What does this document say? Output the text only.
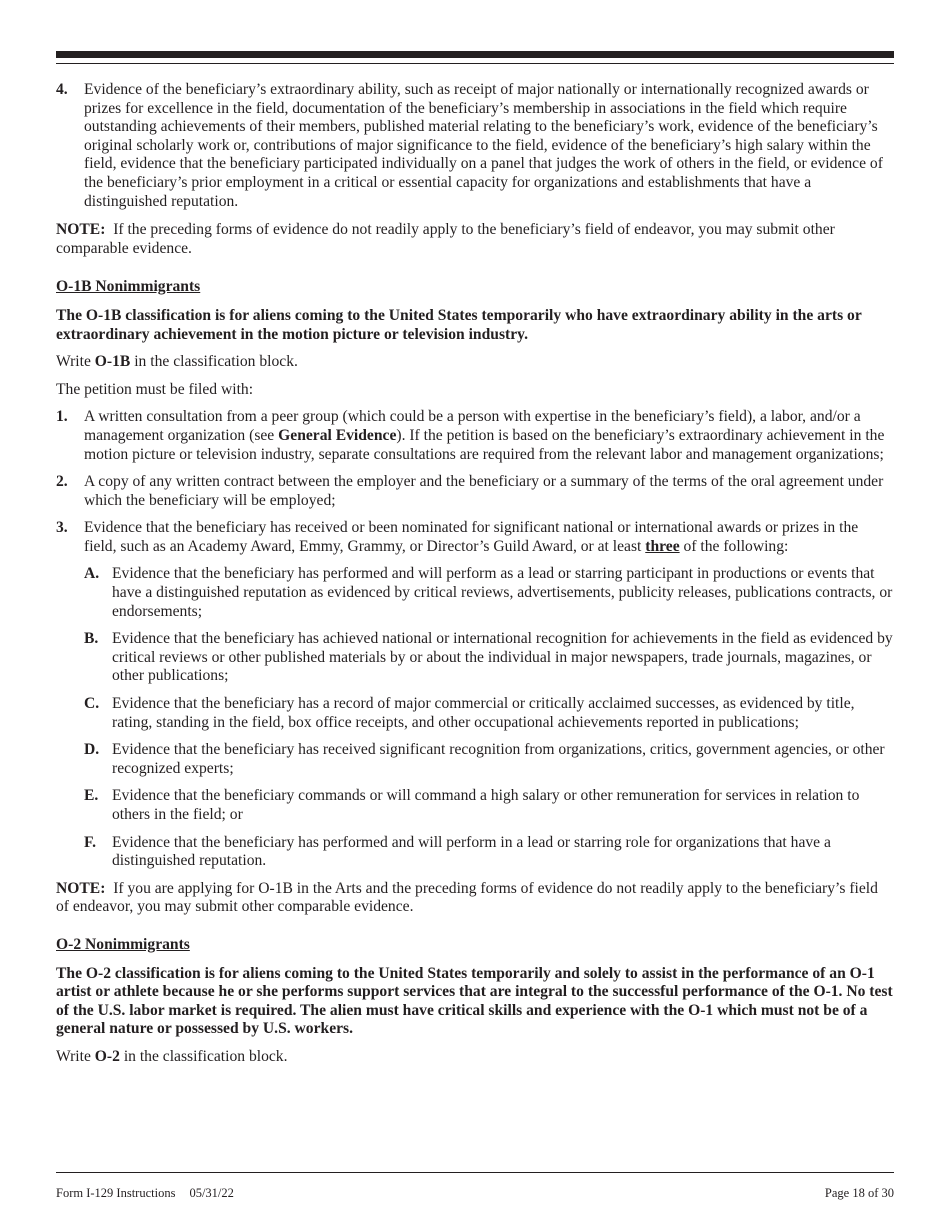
4. Evidence of the beneficiary’s extraordinary ability, such as receipt of major nationally or internationally recognized awards or prizes for excellence in the field, documentation of the beneficiary’s membership in associations in the field which require outstanding achievements of their members, published material relating to the beneficiary’s work, evidence of the beneficiary’s original scholarly work or, contributions of major significance to the field, evidence of the beneficiary’s high salary within the field, evidence that the beneficiary participated individually on a panel that judges the work of others in the field, or evidence of the beneficiary’s prior employment in a critical or essential capacity for organizations and establishments that have a distinguished reputation.

NOTE: If the preceding forms of evidence do not readily apply to the beneficiary’s field of endeavor, you may submit other comparable evidence.

O-1B Nonimmigrants

The O-1B classification is for aliens coming to the United States temporarily who have extraordinary ability in the arts or extraordinary achievement in the motion picture or television industry.

Write O-1B in the classification block.

The petition must be filed with:

1. A written consultation from a peer group (which could be a person with expertise in the beneficiary’s field), a labor, and/or a management organization (see General Evidence). If the petition is based on the beneficiary’s extraordinary achievement in the motion picture or television industry, separate consultations are required from the relevant labor and management organizations;

2. A copy of any written contract between the employer and the beneficiary or a summary of the terms of the oral agreement under which the beneficiary will be employed;

3. Evidence that the beneficiary has received or been nominated for significant national or international awards or prizes in the field, such as an Academy Award, Emmy, Grammy, or Director’s Guild Award, or at least three of the following:

A. Evidence that the beneficiary has performed and will perform as a lead or starring participant in productions or events that have a distinguished reputation as evidenced by critical reviews, advertisements, publicity releases, publications contracts, or endorsements;

B. Evidence that the beneficiary has achieved national or international recognition for achievements in the field as evidenced by critical reviews or other published materials by or about the individual in major newspapers, trade journals, magazines, or other publications;

C. Evidence that the beneficiary has a record of major commercial or critically acclaimed successes, as evidenced by title, rating, standing in the field, box office receipts, and other occupational achievements reported in publications;

D. Evidence that the beneficiary has received significant recognition from organizations, critics, government agencies, or other recognized experts;

E. Evidence that the beneficiary commands or will command a high salary or other remuneration for services in relation to others in the field; or

F. Evidence that the beneficiary has performed and will perform in a lead or starring role for organizations that have a distinguished reputation.

NOTE: If you are applying for O-1B in the Arts and the preceding forms of evidence do not readily apply to the beneficiary’s field of endeavor, you may submit other comparable evidence.

O-2 Nonimmigrants

The O-2 classification is for aliens coming to the United States temporarily and solely to assist in the performance of an O-1 artist or athlete because he or she performs support services that are integral to the successful performance of the O-1. No test of the U.S. labor market is required. The alien must have critical skills and experience with the O-1 which must not be of a general nature or possessed by U.S. workers.

Write O-2 in the classification block.

Form I-129 Instructions 05/31/22	Page 18 of 30
